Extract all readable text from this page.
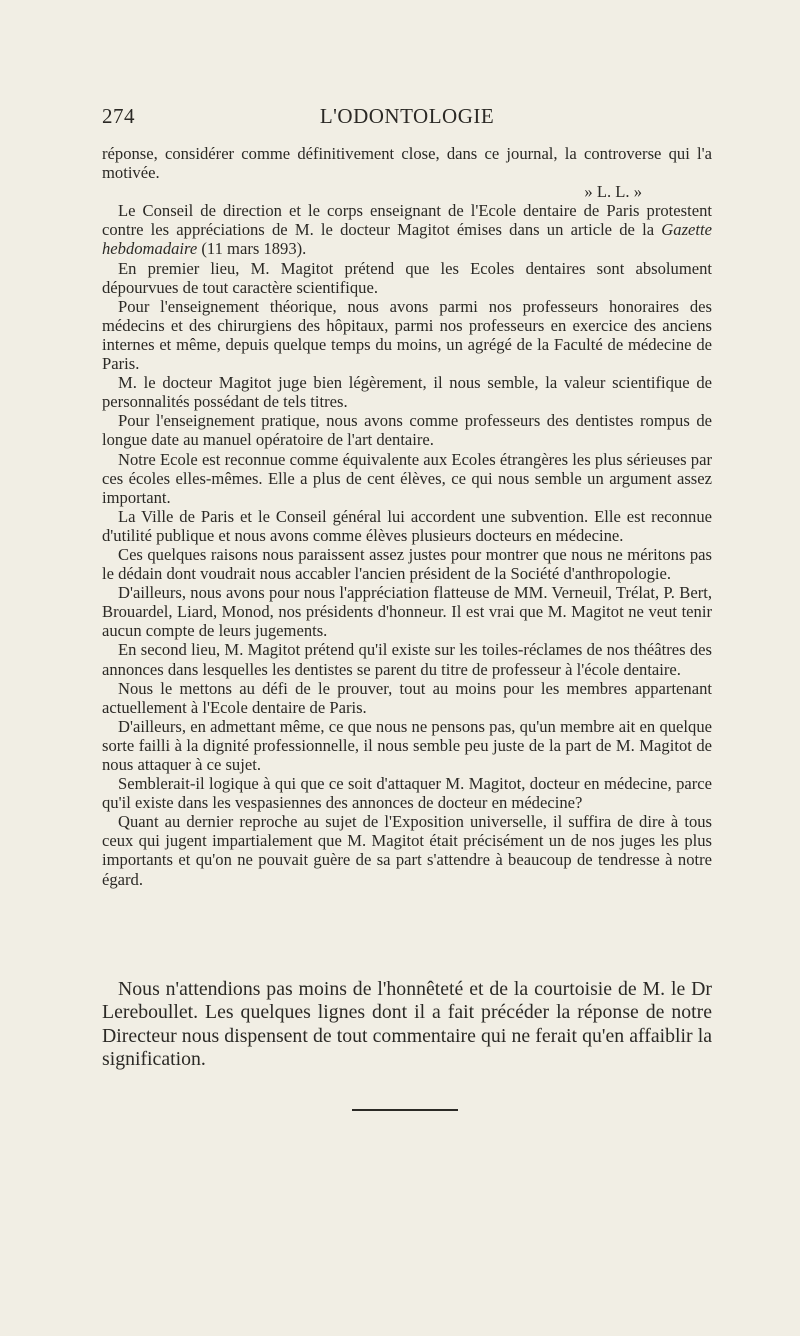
274	L'ODONTOLOGIE

réponse, considérer comme définitivement close, dans ce journal, la controverse qui l'a motivée.

» L. L. »

Le Conseil de direction et le corps enseignant de l'Ecole dentaire de Paris protestent contre les appréciations de M. le docteur Magitot émises dans un article de la Gazette hebdomadaire (11 mars 1893).

En premier lieu, M. Magitot prétend que les Ecoles dentaires sont absolument dépourvues de tout caractère scientifique.

Pour l'enseignement théorique, nous avons parmi nos professeurs honoraires des médecins et des chirurgiens des hôpitaux, parmi nos professeurs en exercice des anciens internes et même, depuis quelque temps du moins, un agrégé de la Faculté de médecine de Paris.

M. le docteur Magitot juge bien légèrement, il nous semble, la valeur scientifique de personnalités possédant de tels titres.

Pour l'enseignement pratique, nous avons comme professeurs des dentistes rompus de longue date au manuel opératoire de l'art dentaire.

Notre Ecole est reconnue comme équivalente aux Ecoles étrangères les plus sérieuses par ces écoles elles-mêmes. Elle a plus de cent élèves, ce qui nous semble un argument assez important.

La Ville de Paris et le Conseil général lui accordent une subvention. Elle est reconnue d'utilité publique et nous avons comme élèves plusieurs docteurs en médecine.

Ces quelques raisons nous paraissent assez justes pour montrer que nous ne méritons pas le dédain dont voudrait nous accabler l'ancien président de la Société d'anthropologie.

D'ailleurs, nous avons pour nous l'appréciation flatteuse de MM. Verneuil, Trélat, P. Bert, Brouardel, Liard, Monod, nos présidents d'honneur. Il est vrai que M. Magitot ne veut tenir aucun compte de leurs jugements.

En second lieu, M. Magitot prétend qu'il existe sur les toiles-réclames de nos théâtres des annonces dans lesquelles les dentistes se parent du titre de professeur à l'école dentaire.

Nous le mettons au défi de le prouver, tout au moins pour les membres appartenant actuellement à l'Ecole dentaire de Paris.

D'ailleurs, en admettant même, ce que nous ne pensons pas, qu'un membre ait en quelque sorte failli à la dignité professionnelle, il nous semble peu juste de la part de M. Magitot de nous attaquer à ce sujet.

Semblerait-il logique à qui que ce soit d'attaquer M. Magitot, docteur en médecine, parce qu'il existe dans les vespasiennes des annonces de docteur en médecine?

Quant au dernier reproche au sujet de l'Exposition universelle, il suffira de dire à tous ceux qui jugent impartialement que M. Magitot était précisément un de nos juges les plus importants et qu'on ne pouvait guère de sa part s'attendre à beaucoup de tendresse à notre égard.

Nous n'attendions pas moins de l'honnêteté et de la courtoisie de M. le Dr Lereboullet. Les quelques lignes dont il a fait précéder la réponse de notre Directeur nous dispensent de tout commentaire qui ne ferait qu'en affaiblir la signification.
